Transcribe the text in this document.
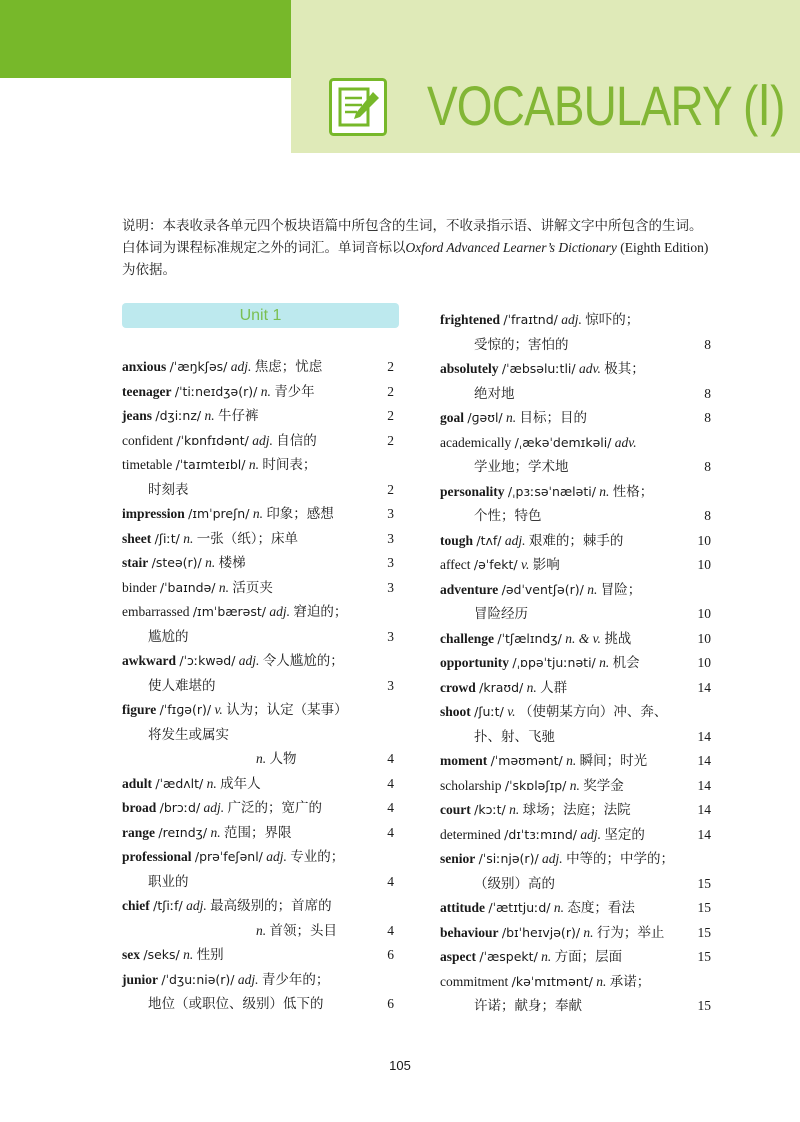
VOCABULARY (Ⅰ)

说明：本表收录各单元四个板块语篇中所包含的生词，不收录指示语、讲解文字中所包含的生词。

白体词为课程标准规定之外的词汇。单词音标以Oxford Advanced Learner’s Dictionary (Eighth Edition)

为依据。

Unit 1
anxious /ˈæŋkʃəs/ adj. 焦虑；忧虑	2
teenager /ˈtiːneɪdʒə(r)/ n. 青少年	2
jeans /dʒiːnz/ n. 牛仔裤	2
confident /ˈkɒnfɪdənt/ adj. 自信的	2
timetable /ˈtaɪmteɪbl/ n. 时间表；
时刻表	2
impression /ɪmˈpreʃn/ n. 印象；感想	3
sheet /ʃiːt/ n. 一张（纸）；床单	3
stair /steə(r)/ n. 楼梯	3
binder /ˈbaɪndə/ n. 活页夹	3
embarrassed /ɪmˈbærəst/ adj. 窘迫的；
尴尬的	3
awkward /ˈɔːkwəd/ adj. 令人尴尬的；
使人难堪的	3
figure /ˈfɪɡə(r)/ v. 认为；认定（某事）
将发生或属实
n. 人物	4
adult /ˈædʌlt/ n. 成年人	4
broad /brɔːd/ adj. 广泛的；宽广的	4
range /reɪndʒ/ n. 范围；界限	4
professional /prəˈfeʃənl/ adj. 专业的；
职业的	4
chief /tʃiːf/ adj. 最高级别的；首席的
n. 首领；头目	4
sex /seks/ n. 性别	6
junior /ˈdʒuːniə(r)/ adj. 青少年的；
地位（或职位、级别）低下的	6
frightened /ˈfraɪtnd/ adj. 惊吓的；
受惊的；害怕的	8
absolutely /ˈæbsəluːtli/ adv. 极其；
绝对地	8
goal /ɡəʊl/ n. 目标；目的	8
academically /ˌækəˈdemɪkəli/ adv.
学业地；学术地	8
personality /ˌpɜːsəˈnæləti/ n. 性格；
个性；特色	8
tough /tʌf/ adj. 艰难的；棘手的	10
affect /əˈfekt/ v. 影响	10
adventure /ədˈventʃə(r)/ n. 冒险；
冒险经历	10
challenge /ˈtʃælɪndʒ/ n. & v. 挑战	10
opportunity /ˌɒpəˈtjuːnəti/ n. 机会	10
crowd /kraʊd/ n. 人群	14
shoot /ʃuːt/ v. （使朝某方向）冲、奔、
扑、射、飞驰	14
moment /ˈməʊmənt/ n. 瞬间；时光	14
scholarship /ˈskɒləʃɪp/ n. 奖学金	14
court /kɔːt/ n. 球场；法庭；法院	14
determined /dɪˈtɜːmɪnd/ adj. 坚定的	14
senior /ˈsiːnjə(r)/ adj. 中等的；中学的；
（级别）高的	15
attitude /ˈætɪtjuːd/ n. 态度；看法	15
behaviour /bɪˈheɪvjə(r)/ n. 行为；举止 15
aspect /ˈæspekt/ n. 方面；层面	15
commitment /kəˈmɪtmənt/ n. 承诺；
许诺；献身；奉献	15
105
